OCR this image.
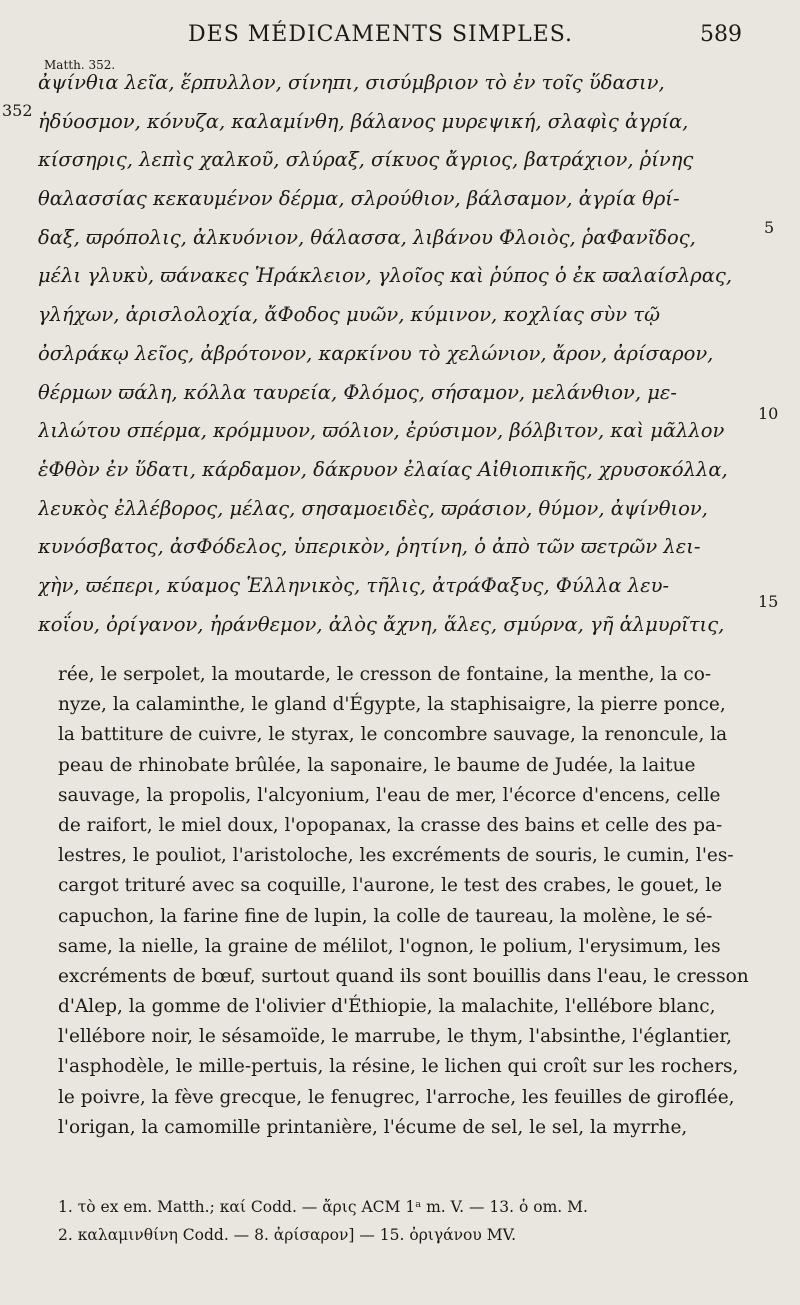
DES MÉDICAMENTS SIMPLES.	589
Matth. 352.
352
5
10
15
ἀψίνθια λεῖα, ἕρπυλλον, σίνηπι, σισύμβριον τὸ ἐν τοῖς ὕδασιν,
ἡδύοσμον, κόνυζα, καλαμίνθη, βάλανος μυρεψική, σλαφὶς ἀγρία,
κίσσηρις, λεπὶς χαλκοῦ, σλύραξ, σίκυος ἄγριος, βατράχιον, ῥίνης
θαλασσίας κεκαυμένον δέρμα, σλρούθιον, βάλσαμον, ἀγρία θρί-
δαξ, ϖρόπολις, ἀλκυόνιον, θάλασσα, λιβάνου Φλοιὸς, ῥαΦανῖδος,
μέλι γλυκὺ, ϖάνακες Ἡράκλειον, γλοῖος καὶ ῥύπος ὁ ἐκ ϖαλαίσλρας,
γλήχων, ἀρισλολοχία, ἄΦοδος μυῶν, κύμινον, κοχλίας σὺν τῷ
ὀσλράκῳ λεῖος, ἀβρότονον, καρκίνου τὸ χελώνιον, ἄρον, ἀρίσαρον,
θέρμων ϖάλη, κόλλα ταυρεία, Φλόμος, σήσαμον, μελάνθιον, με-
λιλώτου σπέρμα, κρόμμυον, ϖόλιον, ἐρύσιμον, βόλβιτον, καὶ μᾶλλον
ἑΦθὸν ἐν ὕδατι, κάρδαμον, δάκρυον ἐλαίας Αἰθιοπικῆς, χρυσοκόλλα,
λευκὸς ἐλλέβορος, μέλας, σησαμοειδὲς, ϖράσιον, θύμον, ἀψίνθιον,
κυνόσβατος, ἀσΦόδελος, ὑπερικὸν, ῥητίνη, ὁ ἀπὸ τῶν ϖετρῶν λει-
χὴν, ϖέπερι, κύαμος Ἑλληνικὸς, τῆλις, ἀτράΦαξυς, Φύλλα λευ-
κοΐου, ὀρίγανον, ἠράνθεμον, ἀλὸς ἄχνη, ἅλες, σμύρνα, γῆ ἁλμυρῖτις,
rée, le serpolet, la moutarde, le cresson de fontaine, la menthe, la co-
nyze, la calaminthe, le gland d'Égypte, la staphisaigre, la pierre ponce,
la battiture de cuivre, le styrax, le concombre sauvage, la renoncule, la
peau de rhinobate brûlée, la saponaire, le baume de Judée, la laitue
sauvage, la propolis, l'alcyonium, l'eau de mer, l'écorce d'encens, celle
de raifort, le miel doux, l'opopanax, la crasse des bains et celle des pa-
lestres, le pouliot, l'aristoloche, les excréments de souris, le cumin, l'es-
cargot trituré avec sa coquille, l'aurone, le test des crabes, le gouet, le
capuchon, la farine fine de lupin, la colle de taureau, la molène, le sé-
same, la nielle, la graine de mélilot, l'ognon, le polium, l'erysimum, les
excréments de bœuf, surtout quand ils sont bouillis dans l'eau, le cresson
d'Alep, la gomme de l'olivier d'Éthiopie, la malachite, l'ellébore blanc,
l'ellébore noir, le sésamoïde, le marrube, le thym, l'absinthe, l'églantier,
l'asphodèle, le mille-pertuis, la résine, le lichen qui croît sur les rochers,
le poivre, la fève grecque, le fenugrec, l'arroche, les feuilles de giroflée,
l'origan, la camomille printanière, l'écume de sel, le sel, la myrrhe,
1. τὸ ex em. Matth.; καί Codd. — ἄρις ACM 1ᵃ m. V. — 13. ὁ om. M.
2. καλαμινθίνη Codd. — 8. ἀρίσαρον] — 15. ὀριγάνου MV.
